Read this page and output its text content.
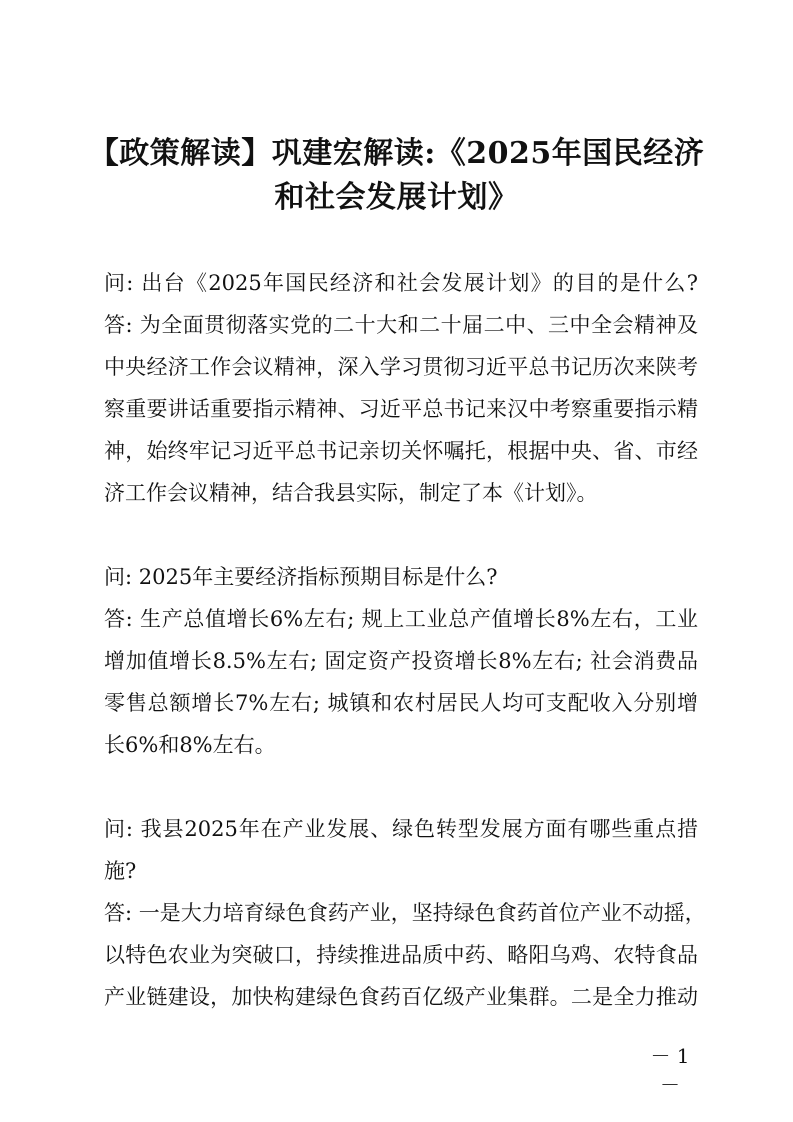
【政策解读】巩建宏解读:《2025年国民经济
和社会发展计划》
问: 出台《2025年国民经济和社会发展计划》的目的是什么?
答: 为全面贯彻落实党的二十大和二十届二中、三中全会精神及
中央经济工作会议精神，深入学习贯彻习近平总书记历次来陕考
察重要讲话重要指示精神、习近平总书记来汉中考察重要指示精
神，始终牢记习近平总书记亲切关怀嘱托，根据中央、省、市经
济工作会议精神，结合我县实际，制定了本《计划》。
问: 2025年主要经济指标预期目标是什么?
答: 生产总值增长6%左右; 规上工业总产值增长8%左右，工业
增加值增长8.5%左右; 固定资产投资增长8%左右; 社会消费品
零售总额增长7%左右; 城镇和农村居民人均可支配收入分别增
长6%和8%左右。
问: 我县2025年在产业发展、绿色转型发展方面有哪些重点措
施?
答: 一是大力培育绿色食药产业，坚持绿色食药首位产业不动摇，
以特色农业为突破口，持续推进品质中药、略阳乌鸡、农特食品
产业链建设，加快构建绿色食药百亿级产业集群。二是全力推动
－ 1 －
